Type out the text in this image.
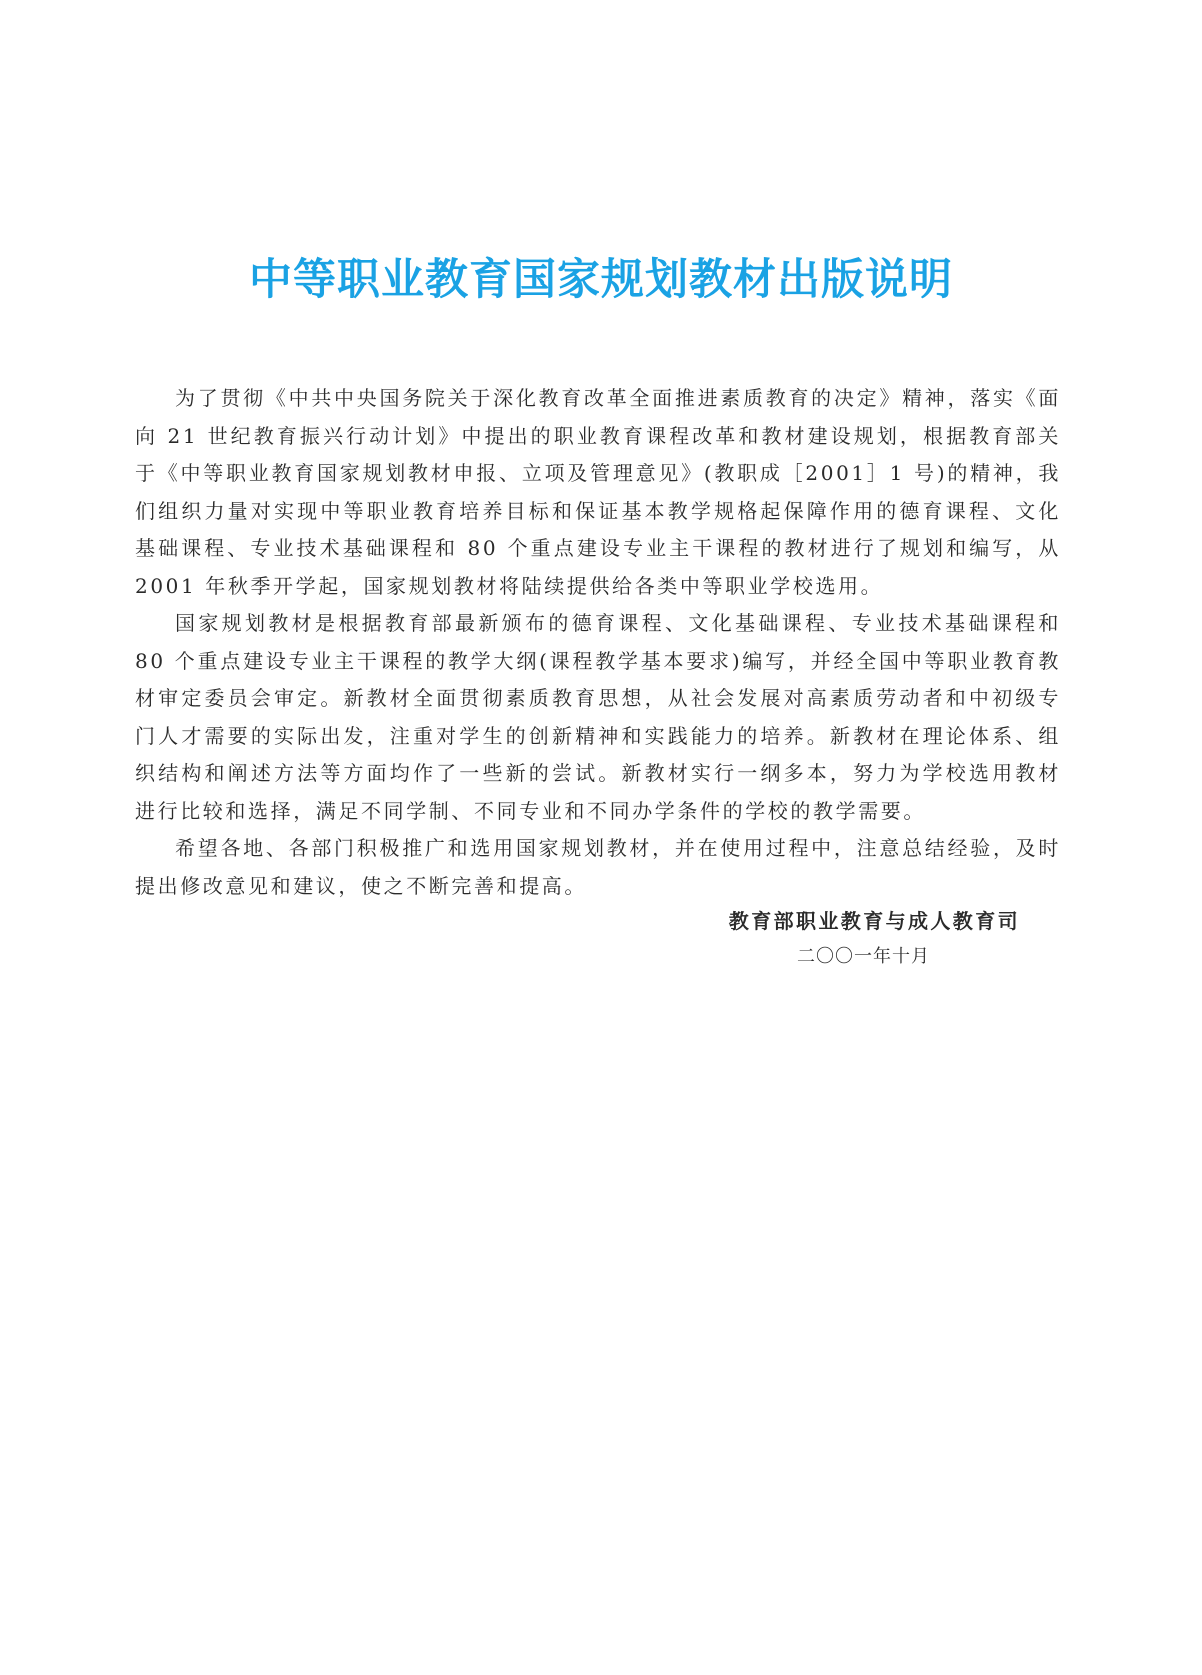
中等职业教育国家规划教材出版说明

为了贯彻《中共中央国务院关于深化教育改革全面推进素质教育的决定》精神，落实《面向 21 世纪教育振兴行动计划》中提出的职业教育课程改革和教材建设规划，根据教育部关于《中等职业教育国家规划教材申报、立项及管理意见》(教职成［2001］1 号)的精神，我们组织力量对实现中等职业教育培养目标和保证基本教学规格起保障作用的德育课程、文化基础课程、专业技术基础课程和 80 个重点建设专业主干课程的教材进行了规划和编写，从 2001 年秋季开学起，国家规划教材将陆续提供给各类中等职业学校选用。

国家规划教材是根据教育部最新颁布的德育课程、文化基础课程、专业技术基础课程和 80 个重点建设专业主干课程的教学大纲(课程教学基本要求)编写，并经全国中等职业教育教材审定委员会审定。新教材全面贯彻素质教育思想，从社会发展对高素质劳动者和中初级专门人才需要的实际出发，注重对学生的创新精神和实践能力的培养。新教材在理论体系、组织结构和阐述方法等方面均作了一些新的尝试。新教材实行一纲多本，努力为学校选用教材进行比较和选择，满足不同学制、不同专业和不同办学条件的学校的教学需要。

希望各地、各部门积极推广和选用国家规划教材，并在使用过程中，注意总结经验，及时提出修改意见和建议，使之不断完善和提高。

教育部职业教育与成人教育司
二〇〇一年十月
